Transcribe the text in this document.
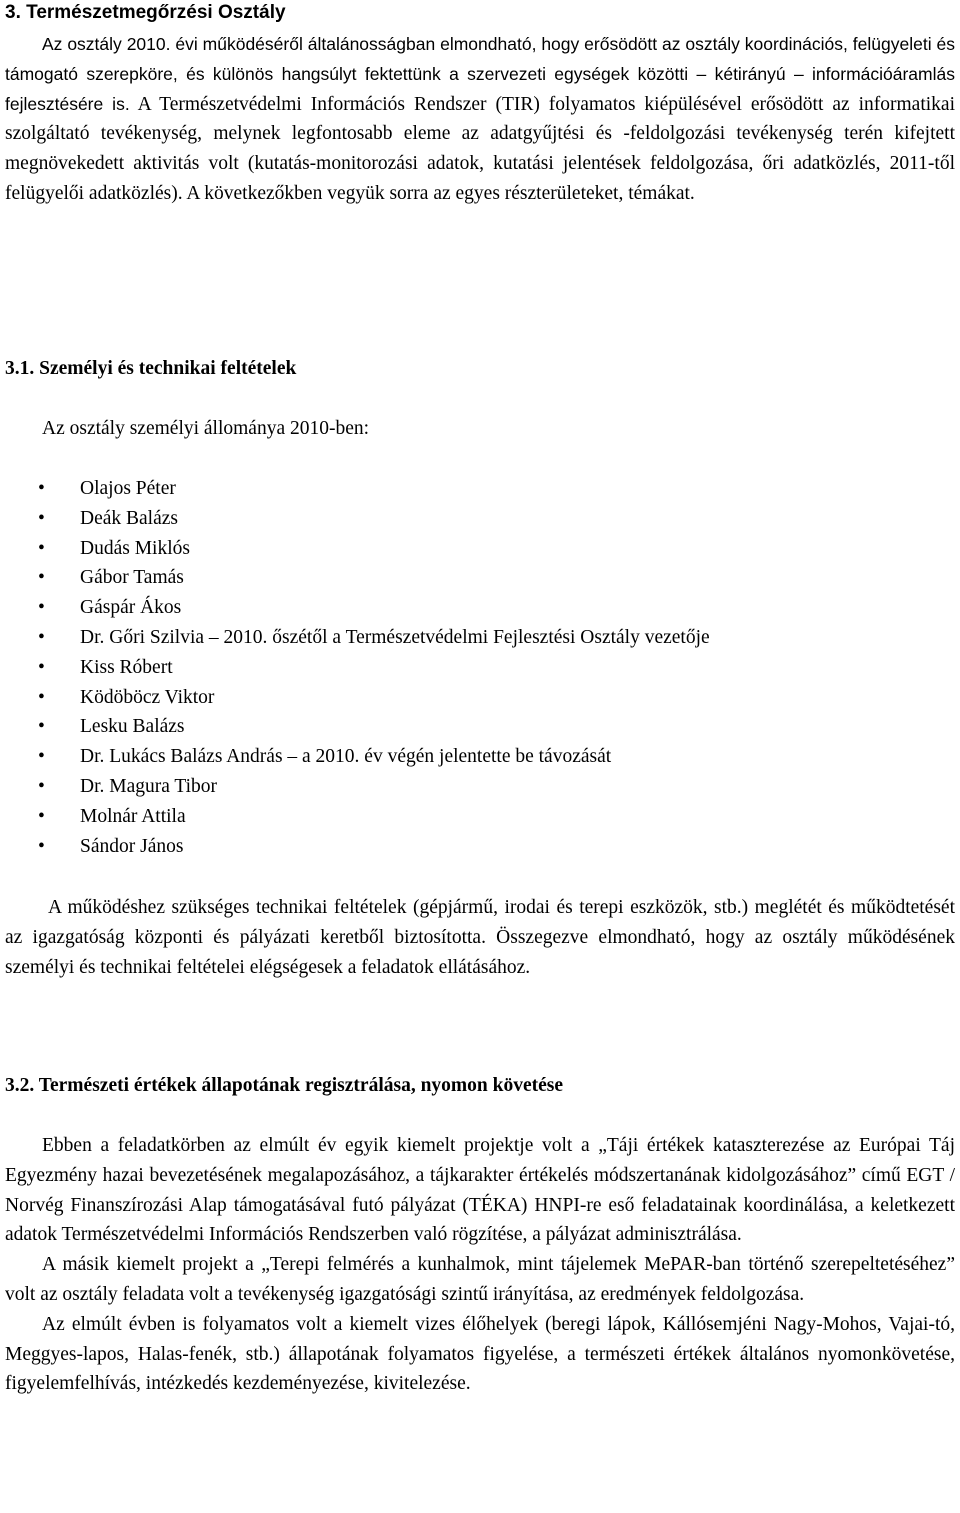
3. Természetmegőrzési Osztály

Az osztály 2010. évi működéséről általánosságban elmondható, hogy erősödött az osztály koordinációs, felügyeleti és támogató szerepköre, és különös hangsúlyt fektettünk a szervezeti egységek közötti – kétirányú – információáramlás fejlesztésére is. A Természetvédelmi Információs Rendszer (TIR) folyamatos kiépülésével erősödött az informatikai szolgáltató tevékenység, melynek legfontosabb eleme az adatgyűjtési és -feldolgozási tevékenység terén kifejtett megnövekedett aktivitás volt (kutatás-monitorozási adatok, kutatási jelentések feldolgozása, őri adatközlés, 2011-től felügyelői adatközlés). A következőkben vegyük sorra az egyes részterületeket, témákat.

3.1. Személyi és technikai feltételek

Az osztály személyi állománya 2010-ben:

• Olajos Péter
• Deák Balázs
• Dudás Miklós
• Gábor Tamás
• Gáspár Ákos
• Dr. Gőri Szilvia – 2010. őszétől a Természetvédelmi Fejlesztési Osztály vezetője
• Kiss Róbert
• Ködöböcz Viktor
• Lesku Balázs
• Dr. Lukács Balázs András – a 2010. év végén jelentette be távozását
• Dr. Magura Tibor
• Molnár Attila
• Sándor János

A működéshez szükséges technikai feltételek (gépjármű, irodai és terepi eszközök, stb.) meglétét és működtetését az igazgatóság központi és pályázati keretből biztosította. Összegezve elmondható, hogy az osztály működésének személyi és technikai feltételei elégségesek a feladatok ellátásához.

3.2. Természeti értékek állapotának regisztrálása, nyomon követése

Ebben a feladatkörben az elmúlt év egyik kiemelt projektje volt a „Táji értékek kataszterezése az Európai Táj Egyezmény hazai bevezetésének megalapozásához, a tájkarakter értékelés módszertanának kidolgozásához” című EGT / Norvég Finanszírozási Alap támogatásával futó pályázat (TÉKA) HNPI-re eső feladatainak koordinálása, a keletkezett adatok Természetvédelmi Információs Rendszerben való rögzítése, a pályázat adminisztrálása.

A másik kiemelt projekt a „Terepi felmérés a kunhalmok, mint tájelemek MePAR-ban történő szerepeltetéséhez” volt az osztály feladata volt a tevékenység igazgatósági szintű irányítása, az eredmények feldolgozása.

Az elmúlt évben is folyamatos volt a kiemelt vizes élőhelyek (beregi lápok, Kállósemjéni Nagy-Mohos, Vajai-tó, Meggyes-lapos, Halas-fenék, stb.) állapotának folyamatos figyelése, a természeti értékek általános nyomonkövetése, figyelemfelhívás, intézkedés kezdeményezése, kivitelezése.
